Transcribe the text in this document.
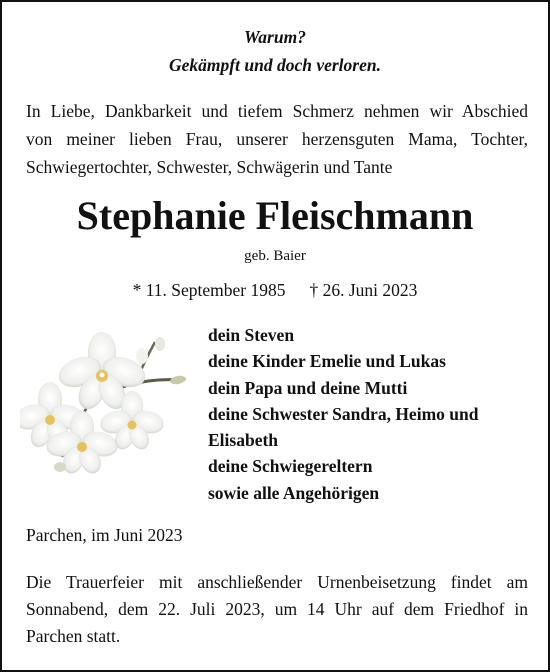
Warum?
Gekämpft und doch verloren.
In Liebe, Dankbarkeit und tiefem Schmerz nehmen wir Abschied
von meiner lieben Frau, unserer herzensguten Mama, Tochter,
Schwiegertochter, Schwester, Schwägerin und Tante
Stephanie Fleischmann
geb. Baier
* 11. September 1985 † 26. Juni 2023
dein Steven
deine Kinder Emelie und Lukas
dein Papa und deine Mutti
deine Schwester Sandra, Heimo und
Elisabeth
deine Schwiegereltern
sowie alle Angehörigen
Parchen, im Juni 2023
Die Trauerfeier mit anschließender Urnenbeisetzung findet am
Sonnabend, dem 22. Juli 2023, um 14 Uhr auf dem Friedhof in
Parchen statt.
